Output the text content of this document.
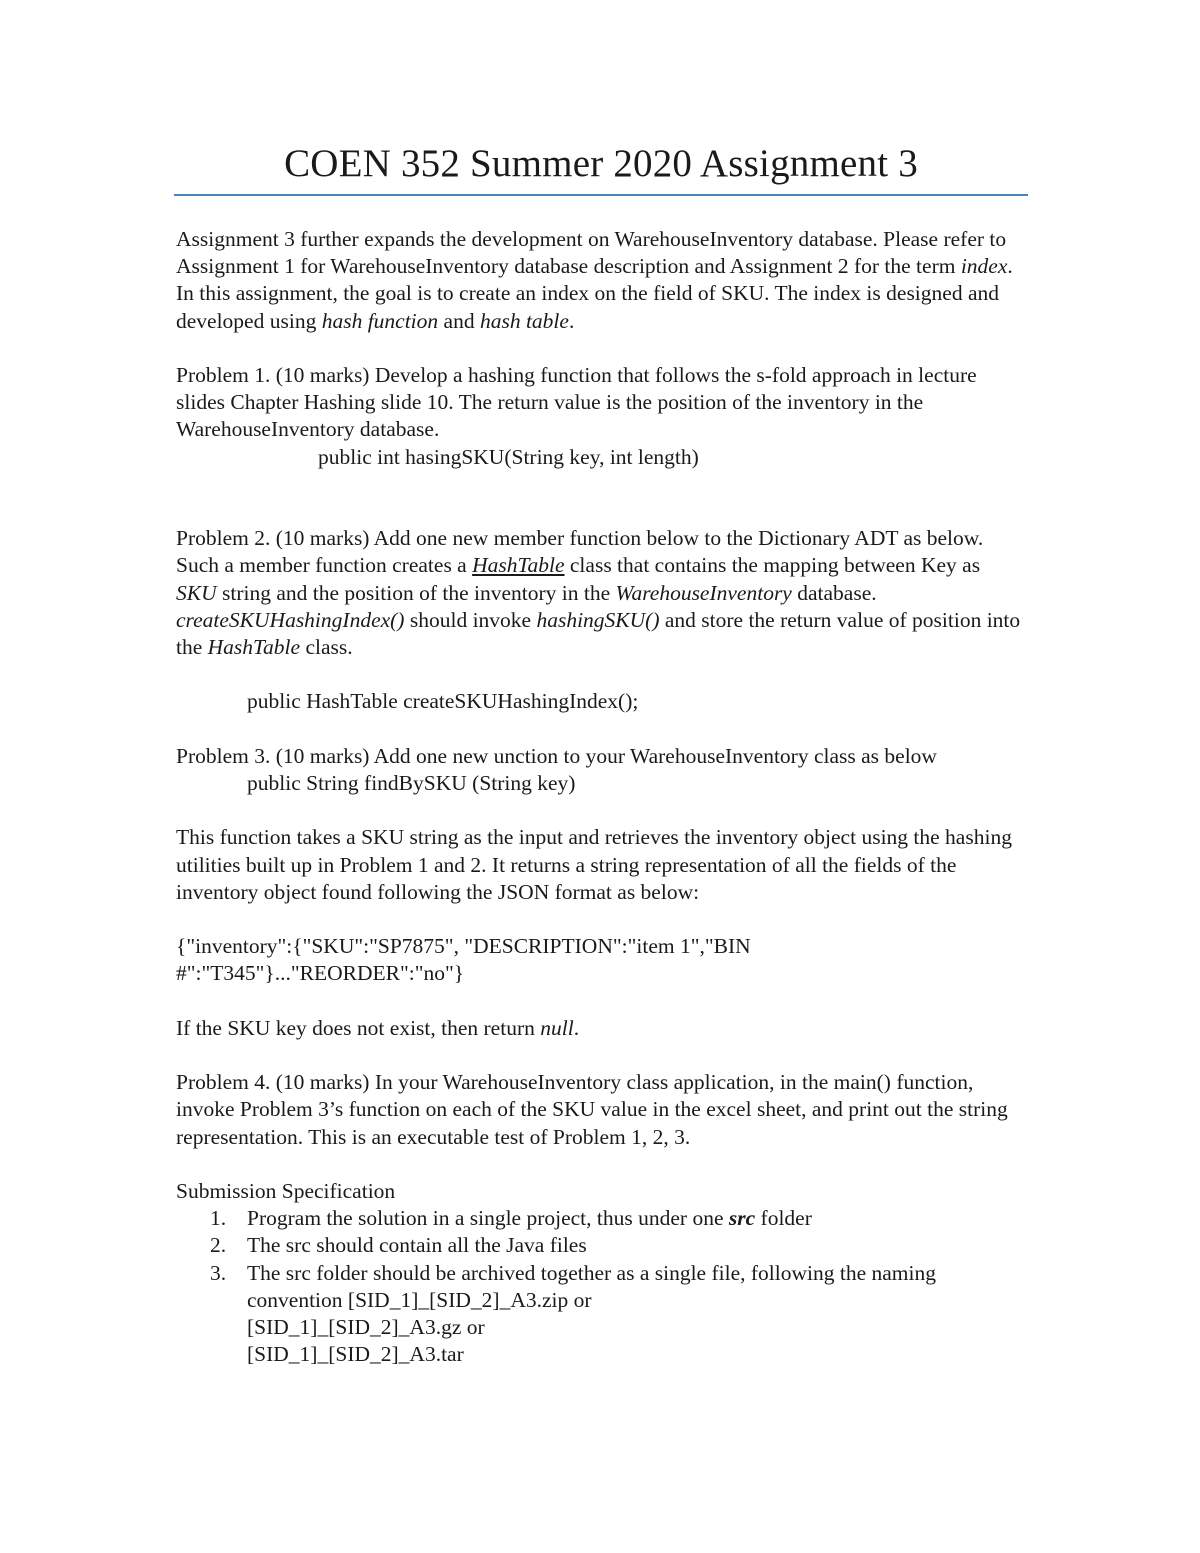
COEN 352 Summer 2020 Assignment 3

Assignment 3 further expands the development on WarehouseInventory database. Please refer to Assignment 1 for WarehouseInventory database description and Assignment 2 for the term index. In this assignment, the goal is to create an index on the field of SKU. The index is designed and developed using hash function and hash table.

Problem 1. (10 marks) Develop a hashing function that follows the s-fold approach in lecture slides Chapter Hashing slide 10. The return value is the position of the inventory in the WarehouseInventory database.

public int hasingSKU(String key, int length)

Problem 2. (10 marks) Add one new member function below to the Dictionary ADT as below. Such a member function creates a HashTable class that contains the mapping between Key as SKU string and the position of the inventory in the WarehouseInventory database. createSKUHashingIndex() should invoke hashingSKU() and store the return value of position into the HashTable class.

public HashTable createSKUHashingIndex();

Problem 3. (10 marks) Add one new unction to your WarehouseInventory class as below

public String findBySKU (String key)

This function takes a SKU string as the input and retrieves the inventory object using the hashing utilities built up in Problem 1 and 2. It returns a string representation of all the fields of the inventory object found following the JSON format as below:

{"inventory":{"SKU":"SP7875", "DESCRIPTION":"item 1","BIN
#":"T345"}..."REORDER":"no"}

If the SKU key does not exist, then return null.

Problem 4. (10 marks) In your WarehouseInventory class application, in the main() function, invoke Problem 3’s function on each of the SKU value in the excel sheet, and print out the string representation. This is an executable test of Problem 1, 2, 3.

Submission Specification

1. Program the solution in a single project, thus under one src folder
2. The src should contain all the Java files
3. The src folder should be archived together as a single file, following the naming convention [SID_1]_[SID_2]_A3.zip or
[SID_1]_[SID_2]_A3.gz or
[SID_1]_[SID_2]_A3.tar
